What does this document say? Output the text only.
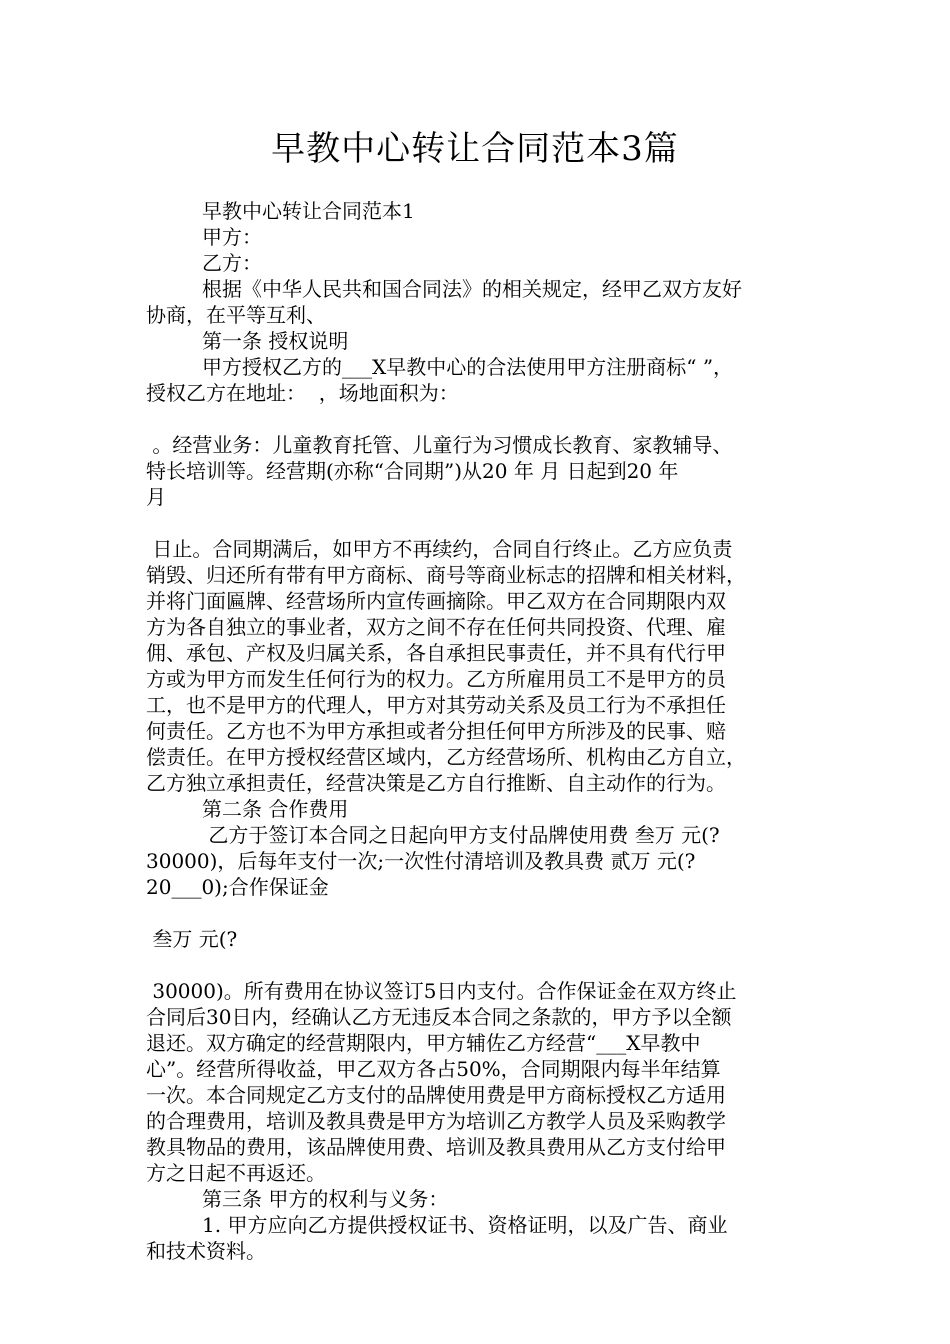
早教中心转让合同范本3篇
早教中心转让合同范本1
甲方：
乙方：
根据《中华人民共和国合同法》的相关规定，经甲乙双方友好
协商，在平等互利、
第一条 授权说明
甲方授权乙方的___X早教中心的合法使用甲方注册商标“ ”，
授权乙方在地址：  ，场地面积为：
。经营业务：儿童教育托管、儿童行为习惯成长教育、家教辅导、
特长培训等。经营期(亦称“合同期”)从20 年 月 日起到20 年
月
日止。合同期满后，如甲方不再续约，合同自行终止。乙方应负责
销毁、归还所有带有甲方商标、商号等商业标志的招牌和相关材料，
并将门面匾牌、经营场所内宣传画摘除。甲乙双方在合同期限内双
方为各自独立的事业者，双方之间不存在任何共同投资、代理、雇
佣、承包、产权及归属关系，各自承担民事责任，并不具有代行甲
方或为甲方而发生任何行为的权力。乙方所雇用员工不是甲方的员
工，也不是甲方的代理人，甲方对其劳动关系及员工行为不承担任
何责任。乙方也不为甲方承担或者分担任何甲方所涉及的民事、赔
偿责任。在甲方授权经营区域内，乙方经营场所、机构由乙方自立，
乙方独立承担责任，经营决策是乙方自行推断、自主动作的行为。
第二条 合作费用
乙方于签订本合同之日起向甲方支付品牌使用费 叁万 元(?
30000)，后每年支付一次;一次性付清培训及教具费 贰万 元(?
20___0);合作保证金
叁万 元(?
30000)。所有费用在协议签订5日内支付。合作保证金在双方终止
合同后30日内，经确认乙方无违反本合同之条款的，甲方予以全额
退还。双方确定的经营期限内，甲方辅佐乙方经营“___X早教中
心”。经营所得收益，甲乙双方各占50%，合同期限内每半年结算
一次。本合同规定乙方支付的品牌使用费是甲方商标授权乙方适用
的合理费用，培训及教具费是甲方为培训乙方教学人员及采购教学
教具物品的费用，该品牌使用费、培训及教具费用从乙方支付给甲
方之日起不再返还。
第三条 甲方的权利与义务：
1. 甲方应向乙方提供授权证书、资格证明，以及广告、商业
和技术资料。
